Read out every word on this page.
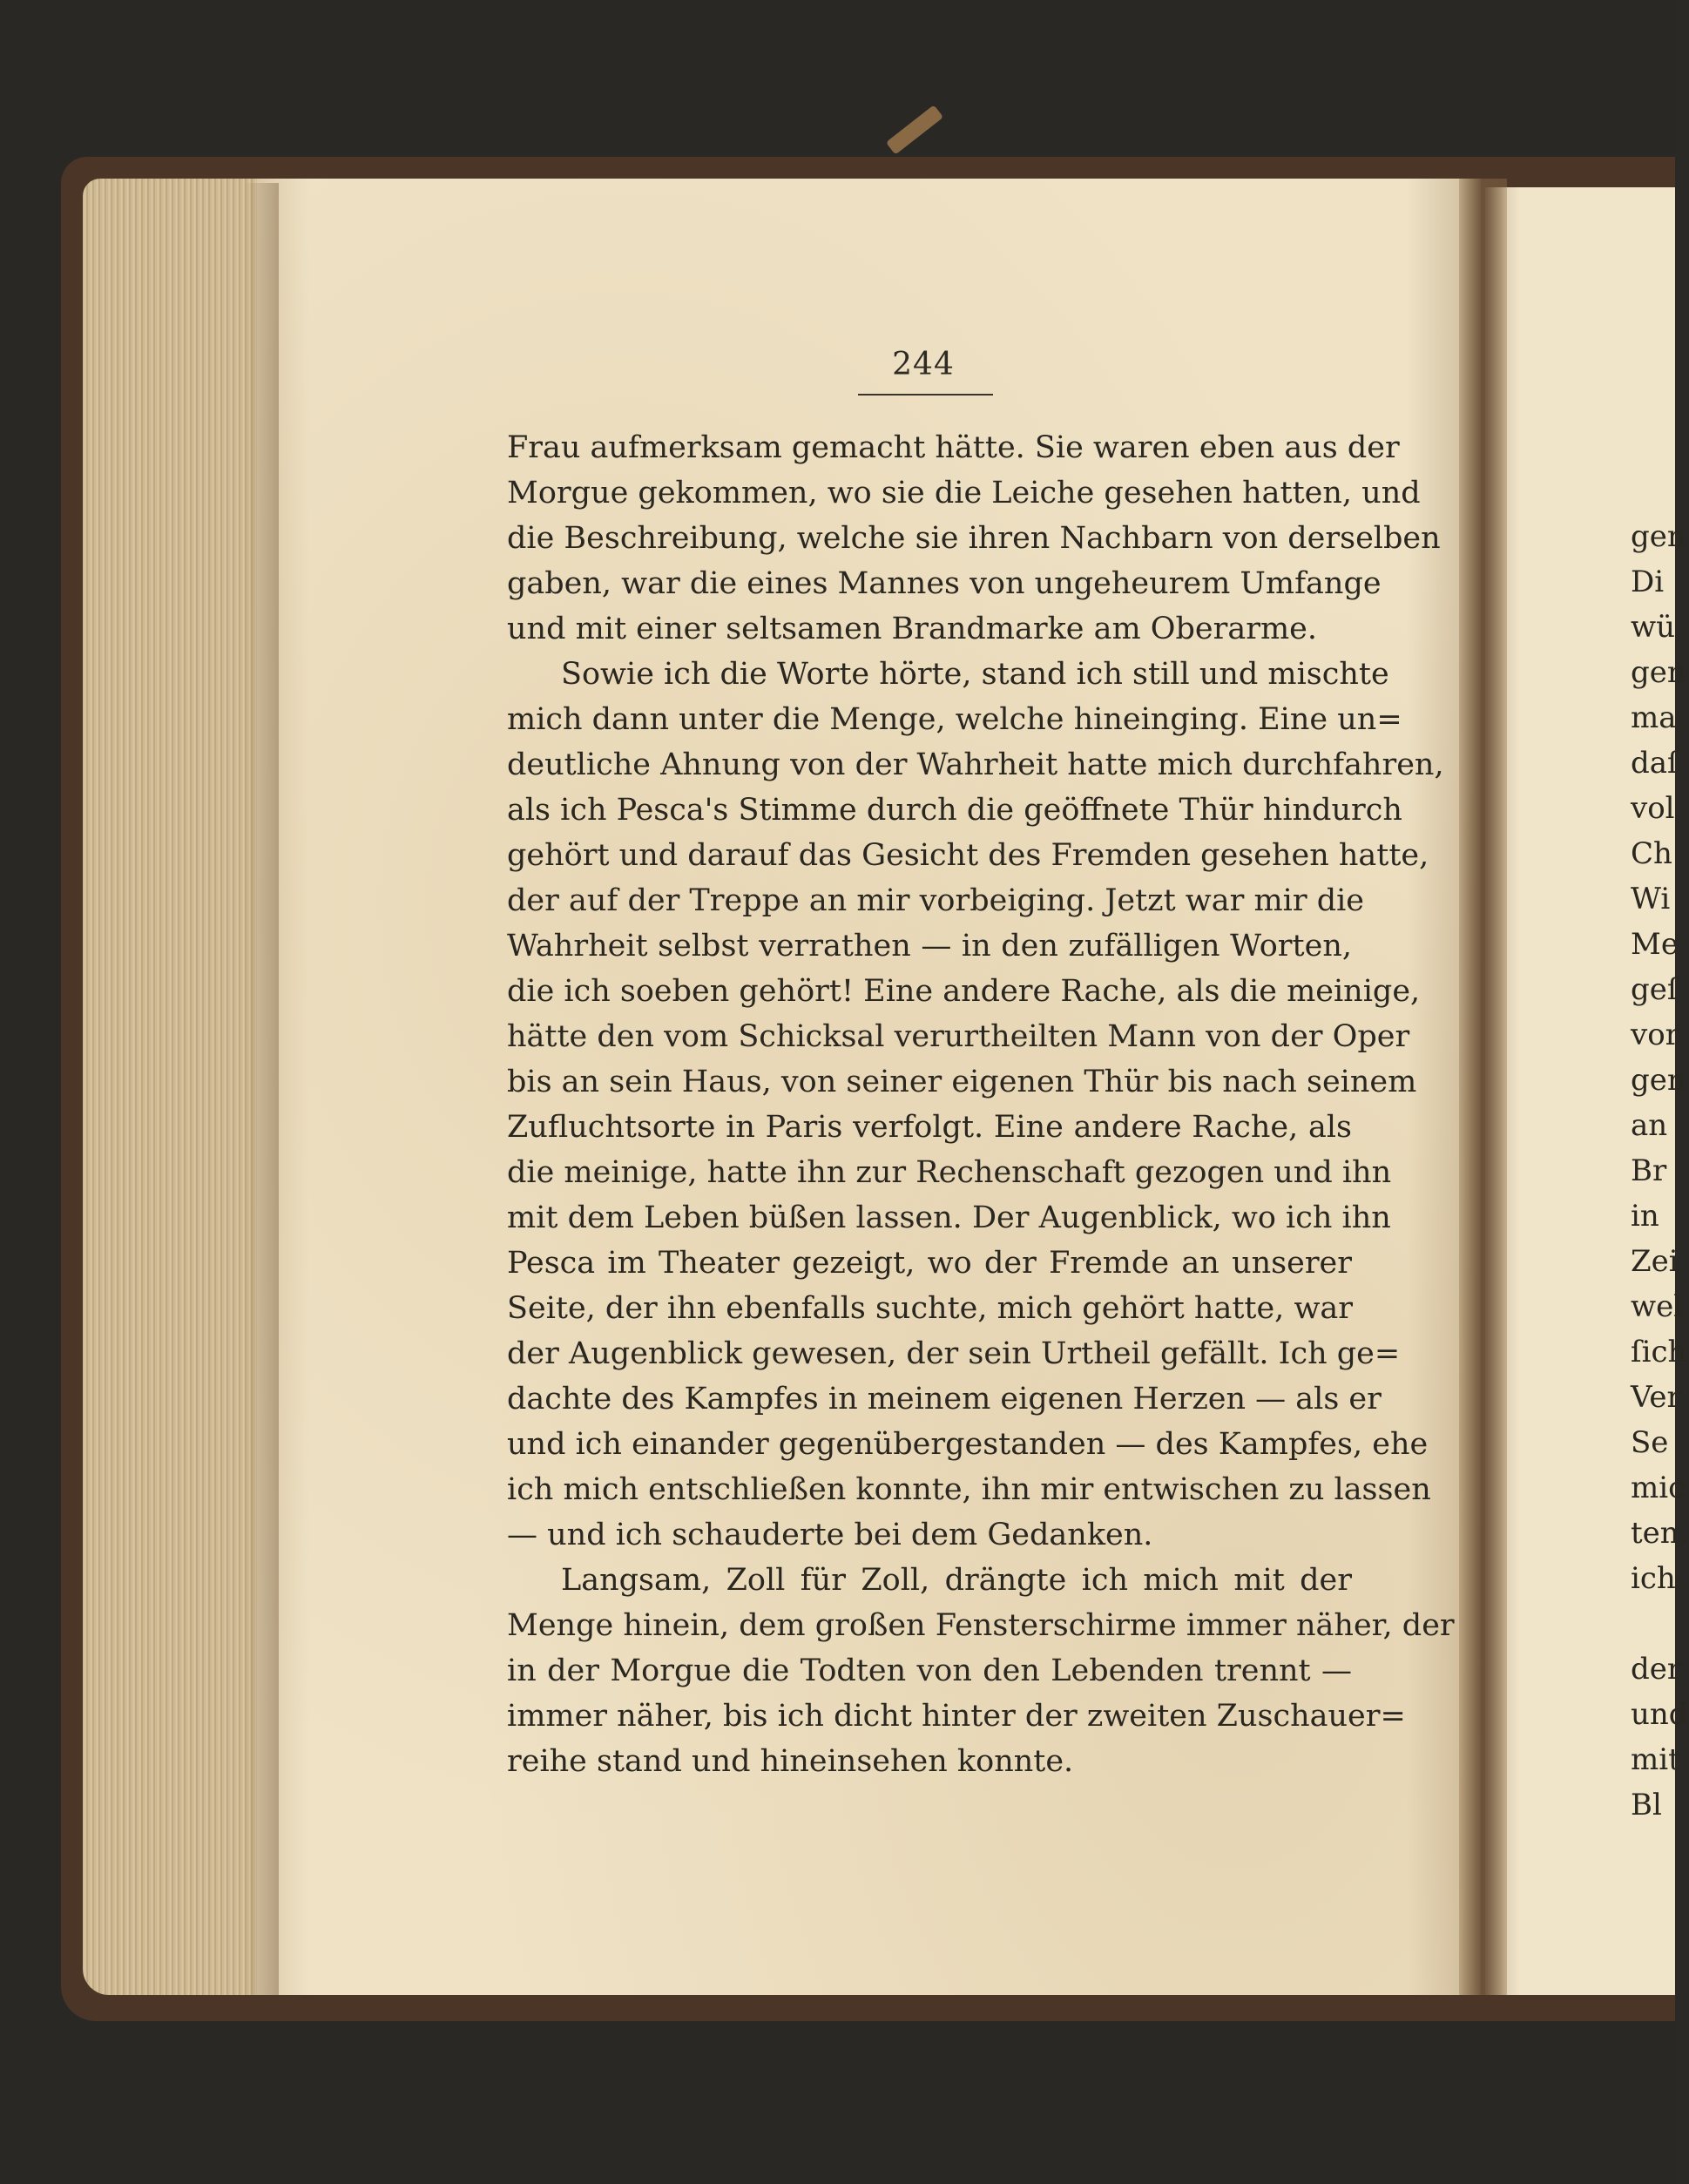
244
Frau aufmerksam gemacht hätte. Sie waren eben aus der
Morgue gekommen, wo sie die Leiche gesehen hatten, und
die Beschreibung, welche sie ihren Nachbarn von derselben
gaben, war die eines Mannes von ungeheurem Umfange
und mit einer seltsamen Brandmarke am Oberarme.
Sowie ich die Worte hörte, stand ich still und mischte
mich dann unter die Menge, welche hineinging. Eine un=
deutliche Ahnung von der Wahrheit hatte mich durchfahren,
als ich Pesca's Stimme durch die geöffnete Thür hindurch
gehört und darauf das Gesicht des Fremden gesehen hatte,
der auf der Treppe an mir vorbeiging. Jetzt war mir die
Wahrheit selbst verrathen — in den zufälligen Worten,
die ich soeben gehört! Eine andere Rache, als die meinige,
hätte den vom Schicksal verurtheilten Mann von der Oper
bis an sein Haus, von seiner eigenen Thür bis nach seinem
Zufluchtsorte in Paris verfolgt. Eine andere Rache, als
die meinige, hatte ihn zur Rechenschaft gezogen und ihn
mit dem Leben büßen lassen. Der Augenblick, wo ich ihn
Pesca im Theater gezeigt, wo der Fremde an unserer
Seite, der ihn ebenfalls suchte, mich gehört hatte, war
der Augenblick gewesen, der sein Urtheil gefällt. Ich ge=
dachte des Kampfes in meinem eigenen Herzen — als er
und ich einander gegenübergestanden — des Kampfes, ehe
ich mich entschließen konnte, ihn mir entwischen zu lassen
— und ich schauderte bei dem Gedanken.
Langsam, Zoll für Zoll, drängte ich mich mit der
Menge hinein, dem großen Fensterschirme immer näher, der
in der Morgue die Todten von den Lebenden trennt —
immer näher, bis ich dicht hinter der zweiten Zuschauer=
reihe stand und hineinsehen konnte.
gen
Di
wü
gen
ma
daſ
vol
Ch
Wi
Me
geſ
vor
gen
an
Br
in
Zei
wel
ſich
Ver
Se
mic
ten.
ich
der
und
mit
Bl
